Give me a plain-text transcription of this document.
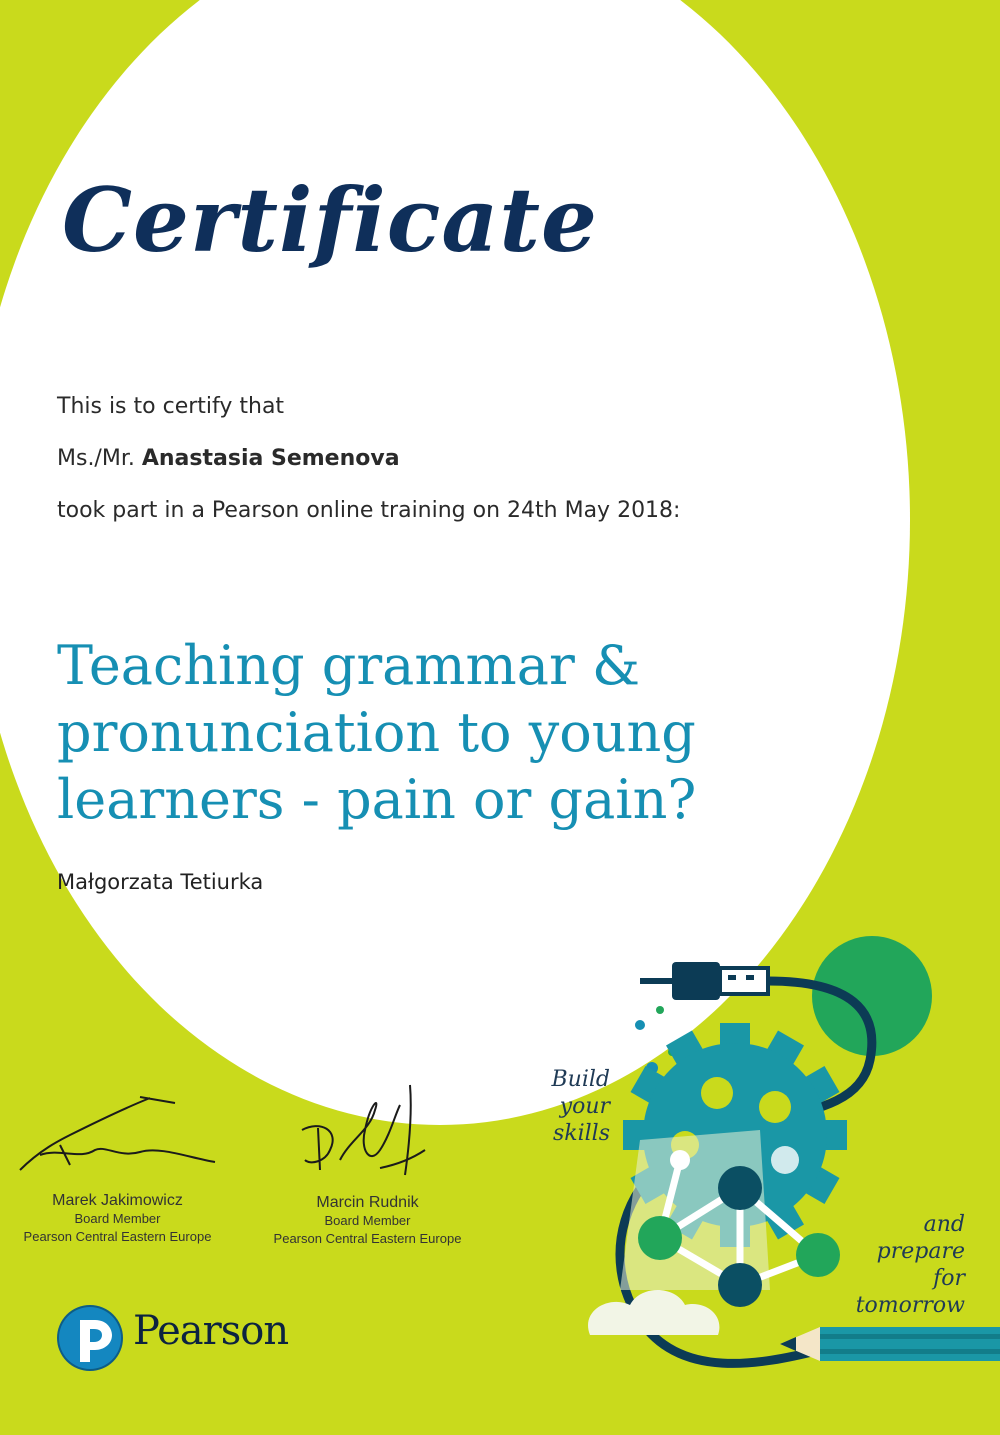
Certificate

This is to certify that

Ms./Mr. Anastasia Semenova

took part in a Pearson online training on 24th May 2018:

Teaching grammar &
pronunciation to young
learners - pain or gain?

Małgorzata Tetiurka

Marek Jakimowicz
Board Member
Pearson Central Eastern Europe
Marcin Rudnik
Board Member
Pearson Central Eastern Europe
Build
your
skills
and
prepare
for
tomorrow
Pearson
